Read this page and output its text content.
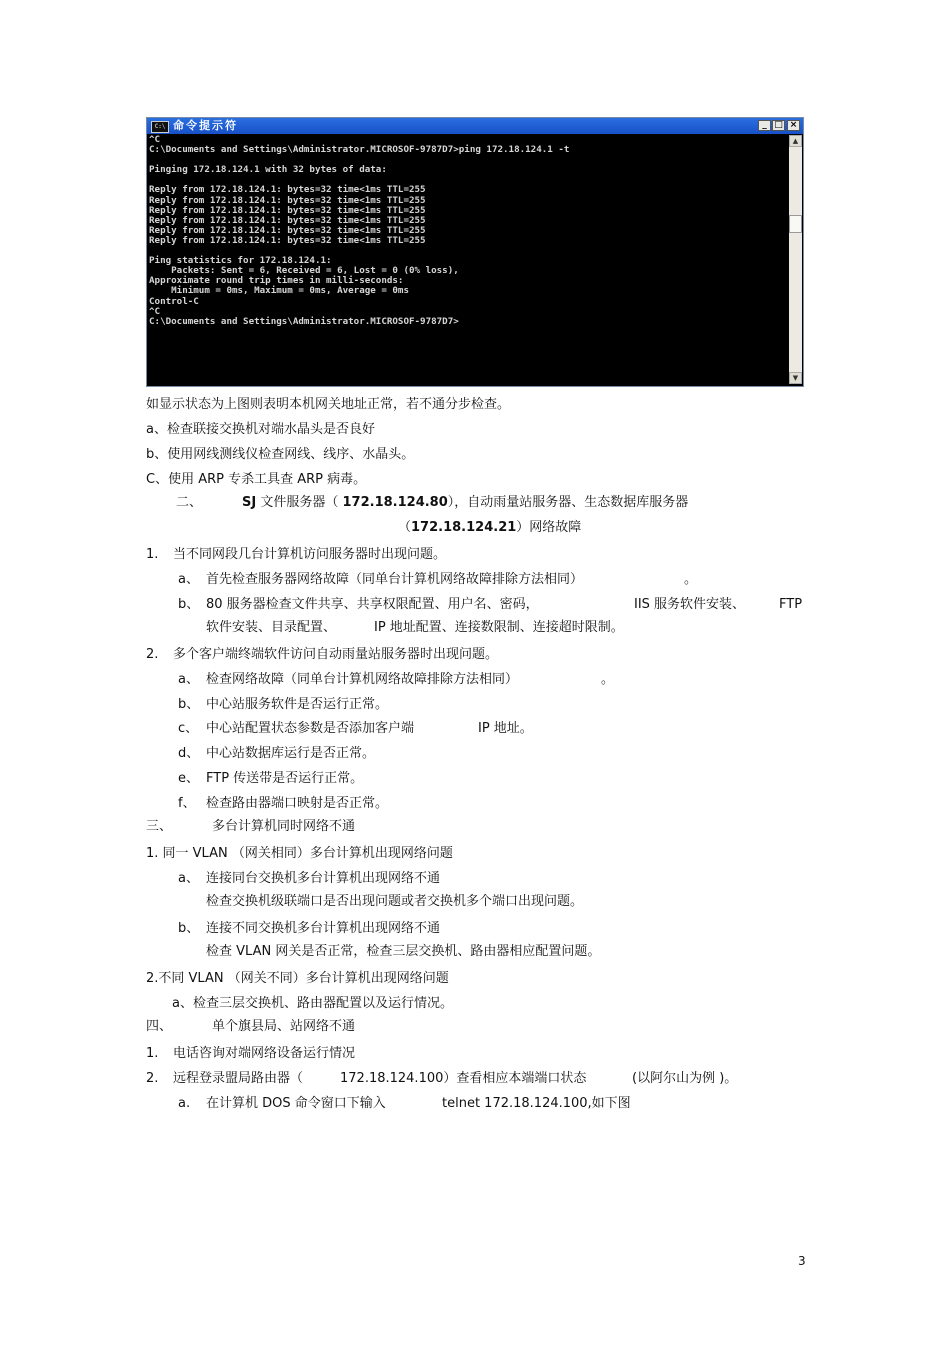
C:\ 命令提示符	_ □ ×
^C
C:\Documents and Settings\Administrator.MICROSOF-9787D7>ping 172.18.124.1 -t
Pinging 172.18.124.1 with 32 bytes of data:
Reply from 172.18.124.1: bytes=32 time<1ms TTL=255
Reply from 172.18.124.1: bytes=32 time<1ms TTL=255
Reply from 172.18.124.1: bytes=32 time<1ms TTL=255
Reply from 172.18.124.1: bytes=32 time<1ms TTL=255
Reply from 172.18.124.1: bytes=32 time<1ms TTL=255
Reply from 172.18.124.1: bytes=32 time<1ms TTL=255
Ping statistics for 172.18.124.1:
Packets: Sent = 6, Received = 6, Lost = 0 (0% loss),
Approximate round trip times in milli-seconds:
Minimum = 0ms, Maximum = 0ms, Average = 0ms
Control-C
^C
C:\Documents and Settings\Administrator.MICROSOF-9787D7>
▲
▼
如显示状态为上图则表明本机网关地址正常，若不通分步检查。
a、检查联接交换机对端水晶头是否良好
b、使用网线测线仪检查网线、线序、水晶头。
C、使用 ARP 专杀工具查 ARP 病毒。
二、	SJ 文件服务器（ 172.18.124.80），自动雨量站服务器、生态数据库服务器
（172.18.124.21）网络故障
1. 当不同网段几台计算机访问服务器时出现问题。
a、 首先检查服务器网络故障（同单台计算机网络故障排除方法相同）	。
b、 80 服务器检查文件共享、共享权限配置、用户名、密码，	IIS 服务软件安装、	FTP
软件安装、目录配置、	IP 地址配置、连接数限制、连接超时限制。
2. 多个客户端终端软件访问自动雨量站服务器时出现问题。
a、 检查网络故障（同单台计算机网络故障排除方法相同）	。
b、 中心站服务软件是否运行正常。
c、 中心站配置状态参数是否添加客户端	IP 地址。
d、 中心站数据库运行是否正常。
e、 FTP 传送带是否运行正常。
f、 检查路由器端口映射是否正常。
三、	多台计算机同时网络不通
1. 同一 VLAN （网关相同）多台计算机出现网络问题
a、 连接同台交换机多台计算机出现网络不通
检查交换机级联端口是否出现问题或者交换机多个端口出现问题。
b、 连接不同交换机多台计算机出现网络不通
检查 VLAN 网关是否正常，检查三层交换机、路由器相应配置问题。
2.不同 VLAN （网关不同）多台计算机出现网络问题
a、检查三层交换机、路由器配置以及运行情况。
四、	单个旗县局、站网络不通
1. 电话咨询对端网络设备运行情况
2. 远程登录盟局路由器（	172.18.124.100）查看相应本端端口状态	(以阿尔山为例 )。
a. 在计算机 DOS 命令窗口下输入	telnet 172.18.124.100,如下图
3
